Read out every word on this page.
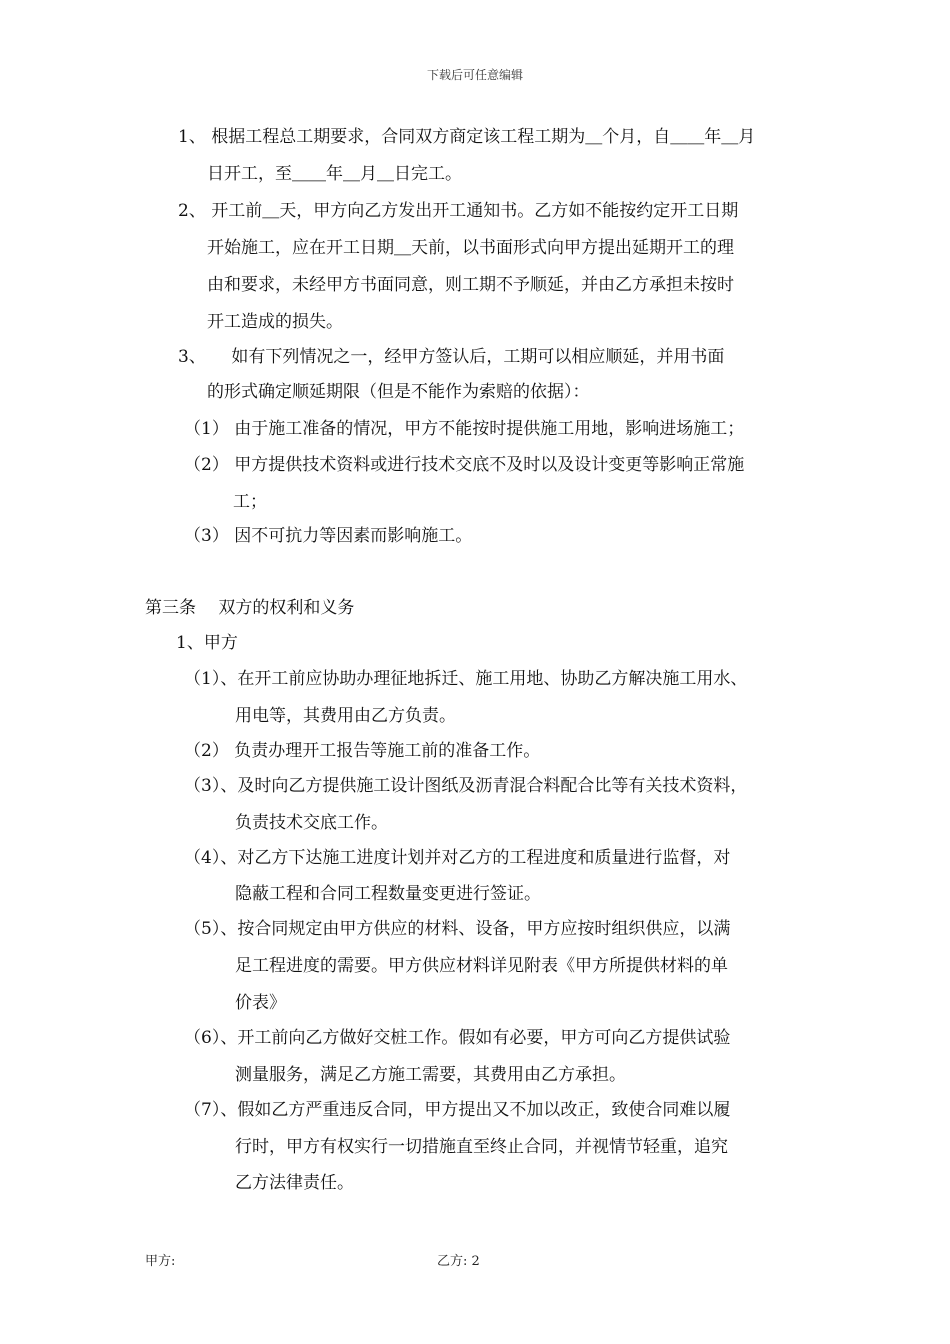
下载后可任意编辑
1、 根据工程总工期要求，合同双方商定该工程工期为＿个月，自＿＿年＿月
日开工，至＿＿年＿月＿日完工。
2、 开工前＿天，甲方向乙方发出开工通知书。乙方如不能按约定开工日期
开始施工，应在开工日期＿天前，以书面形式向甲方提出延期开工的理
由和要求，未经甲方书面同意，则工期不予顺延，并由乙方承担未按时
开工造成的损失。
3、　　如有下列情况之一，经甲方签认后，工期可以相应顺延，并用书面
的形式确定顺延期限（但是不能作为索赔的依据）：
（1） 由于施工准备的情况，甲方不能按时提供施工用地，影响进场施工；
（2） 甲方提供技术资料或进行技术交底不及时以及设计变更等影响正常施
工；
（3） 因不可抗力等因素而影响施工。
第三条　 双方的权利和义务
1、甲方
（1）、在开工前应协助办理征地拆迁、施工用地、协助乙方解决施工用水、
用电等，其费用由乙方负责。
（2） 负责办理开工报告等施工前的准备工作。
（3）、及时向乙方提供施工设计图纸及沥青混合料配合比等有关技术资料，
负责技术交底工作。
（4）、对乙方下达施工进度计划并对乙方的工程进度和质量进行监督，对
隐蔽工程和合同工程数量变更进行签证。
（5）、按合同规定由甲方供应的材料、设备，甲方应按时组织供应，以满
足工程进度的需要。甲方供应材料详见附表《甲方所提供材料的单
价表》
（6）、开工前向乙方做好交桩工作。假如有必要，甲方可向乙方提供试验
测量服务，满足乙方施工需要，其费用由乙方承担。
（7）、假如乙方严重违反合同，甲方提出又不加以改正，致使合同难以履
行时，甲方有权实行一切措施直至终止合同，并视情节轻重，追究
乙方法律责任。
甲方:	乙方: 2
